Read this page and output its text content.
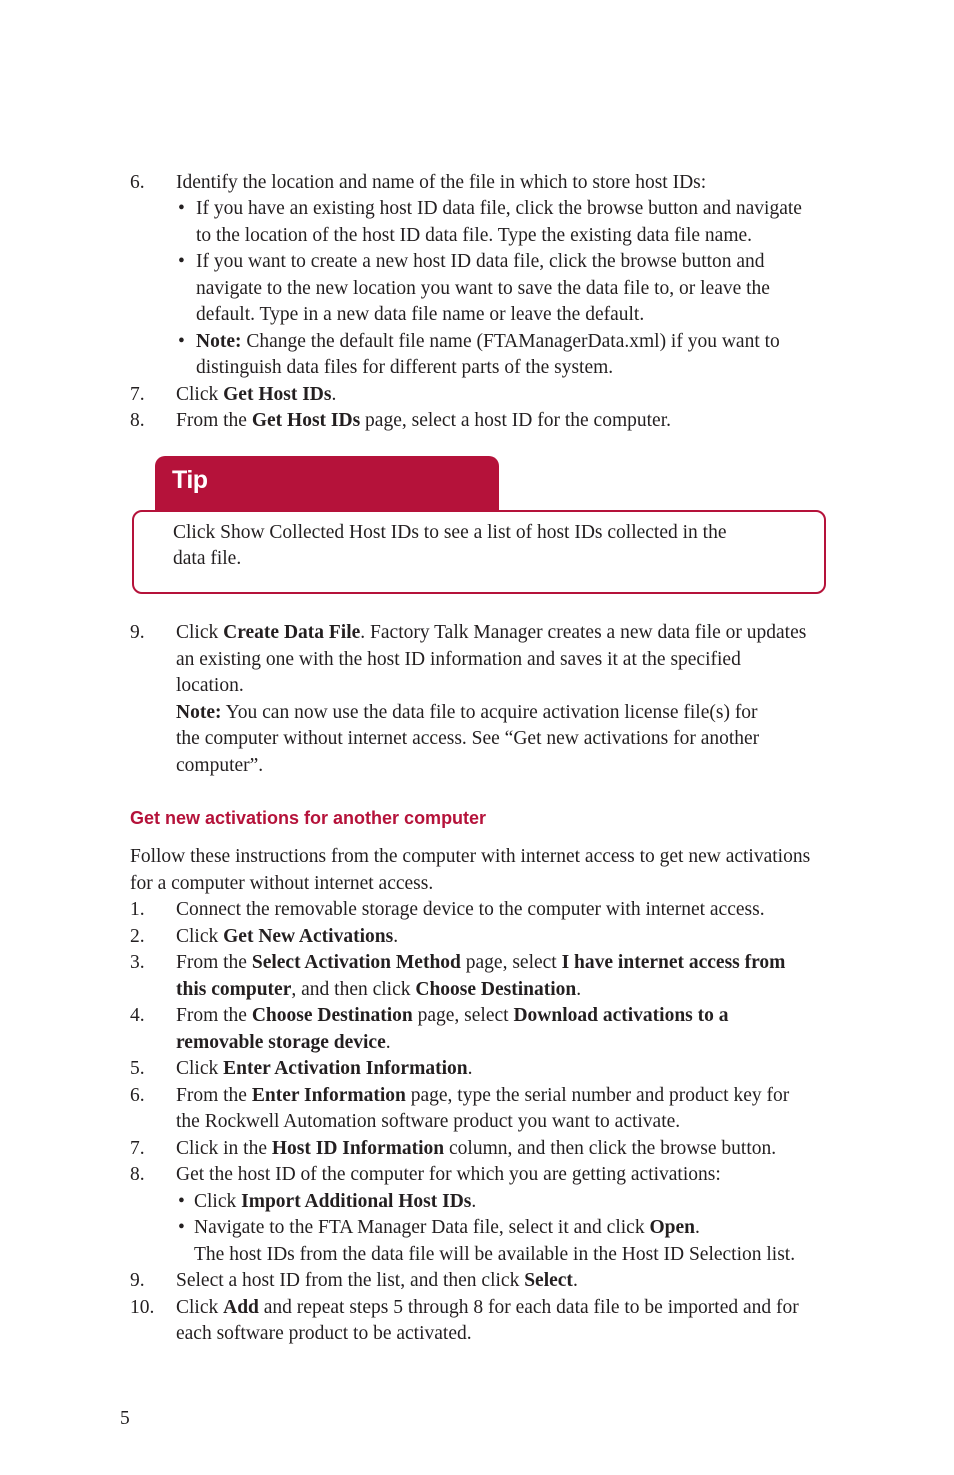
6. Identify the location and name of the file in which to store host IDs:
• If you have an existing host ID data file, click the browse button and navigate
to the location of the host ID data file. Type the existing data file name.
• If you want to create a new host ID data file, click the browse button and
navigate to the new location you want to save the data file to, or leave the
default. Type in a new data file name or leave the default.
• Note: Change the default file name (FTAManagerData.xml) if you want to
distinguish data files for different parts of the system.
7. Click Get Host IDs.
8. From the Get Host IDs page, select a host ID for the computer.
Tip
Click Show Collected Host IDs to see a list of host IDs collected in the
data file.
9. Click Create Data File. Factory Talk Manager creates a new data file or updates
an existing one with the host ID information and saves it at the specified
location.
Note: You can now use the data file to acquire activation license file(s) for
the computer without internet access. See “Get new activations for another
computer”.
Get new activations for another computer
Follow these instructions from the computer with internet access to get new activations
for a computer without internet access.
1. Connect the removable storage device to the computer with internet access.
2. Click Get New Activations.
3. From the Select Activation Method page, select I have internet access from
this computer, and then click Choose Destination.
4. From the Choose Destination page, select Download activations to a
removable storage device.
5. Click Enter Activation Information.
6. From the Enter Information page, type the serial number and product key for
the Rockwell Automation software product you want to activate.
7. Click in the Host ID Information column, and then click the browse button.
8. Get the host ID of the computer for which you are getting activations:
• Click Import Additional Host IDs.
• Navigate to the FTA Manager Data file, select it and click Open.
The host IDs from the data file will be available in the Host ID Selection list.
9. Select a host ID from the list, and then click Select.
10. Click Add and repeat steps 5 through 8 for each data file to be imported and for
each software product to be activated.
5
